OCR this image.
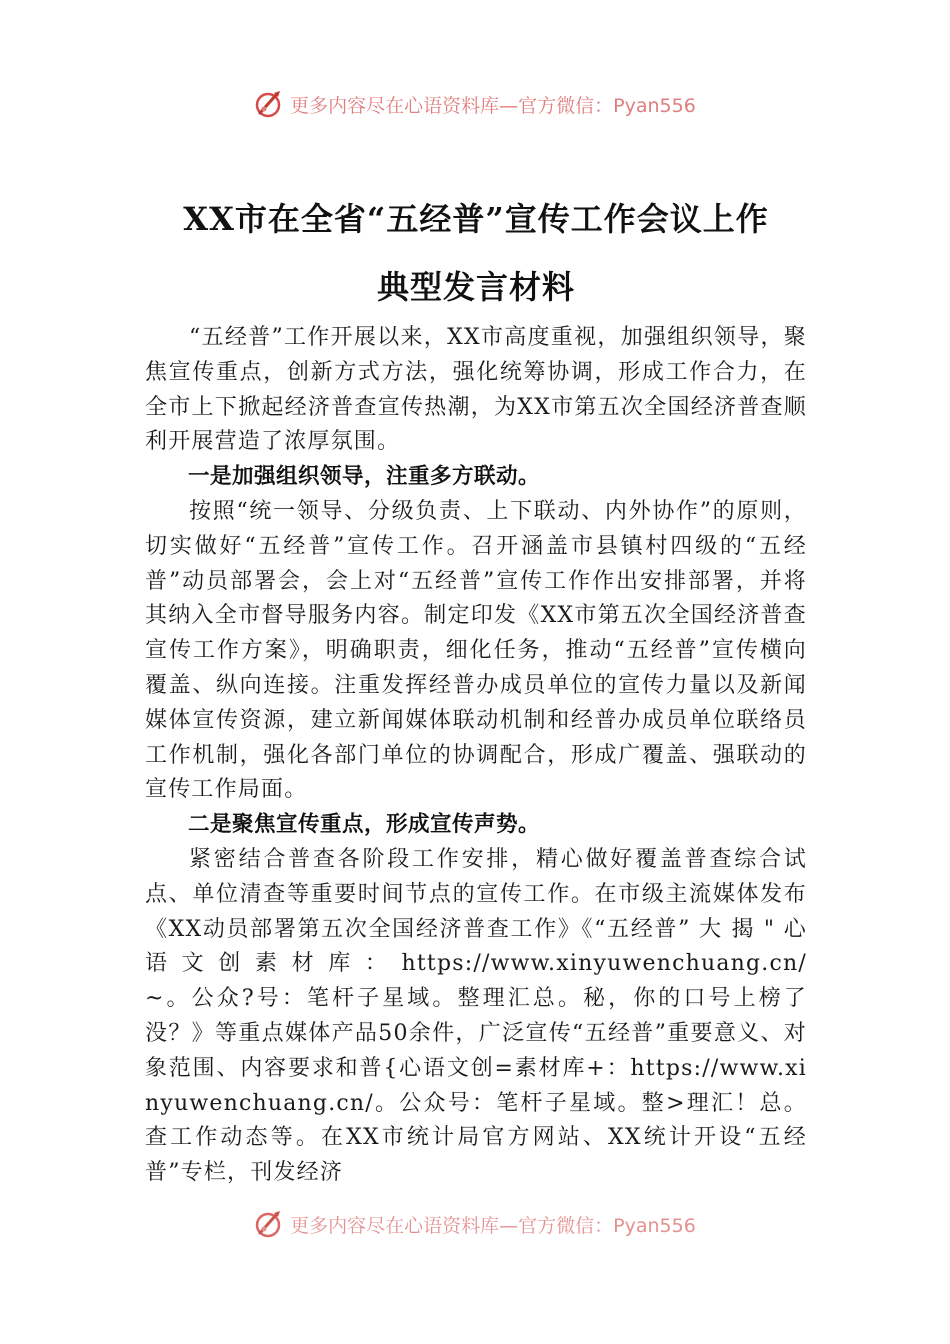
更多内容尽在心语资料库—官方微信：Pyan556
XX市在全省“五经普”宣传工作会议上作
典型发言材料

“五经普”工作开展以来，XX市高度重视，加强组织领导，聚焦宣传重点，创新方式方法，强化统筹协调，形成工作合力，在全市上下掀起经济普查宣传热潮，为XX市第五次全国经济普查顺利开展营造了浓厚氛围。

一是加强组织领导，注重多方联动。

按照“统一领导、分级负责、上下联动、内外协作”的原则，切实做好“五经普”宣传工作。召开涵盖市县镇村四级的“五经普”动员部署会，会上对“五经普”宣传工作作出安排部署，并将其纳入全市督导服务内容。制定印发《XX市第五次全国经济普查宣传工作方案》，明确职责，细化任务，推动“五经普”宣传横向覆盖、纵向连接。注重发挥经普办成员单位的宣传力量以及新闻媒体宣传资源，建立新闻媒体联动机制和经普办成员单位联络员工作机制，强化各部门单位的协调配合，形成广覆盖、强联动的宣传工作局面。

二是聚焦宣传重点，形成宣传声势。

紧密结合普查各阶段工作安排，精心做好覆盖普查综合试点、单位清查等重要时间节点的宣传工作。在市级主流媒体发布《XX动员部署第五次全国经济普查工作》《“五经普” 大 揭 " 心 语 文 创 素 材 库 ： https://www.xinyuwenchuang.cn/~。公众?号：笔杆子星域。整理汇总。秘，你的口号上榜了没？》等重点媒体产品50余件，广泛宣传“五经普”重要意义、对象范围、内容要求和普{心语文创=素材库+：https://www.xinyuwenchuang.cn/。公众号：笔杆子星域。整>理汇！总。查工作动态等。在XX市统计局官方网站、XX统计开设“五经普”专栏，刊发经济

更多内容尽在心语资料库—官方微信：Pyan556
